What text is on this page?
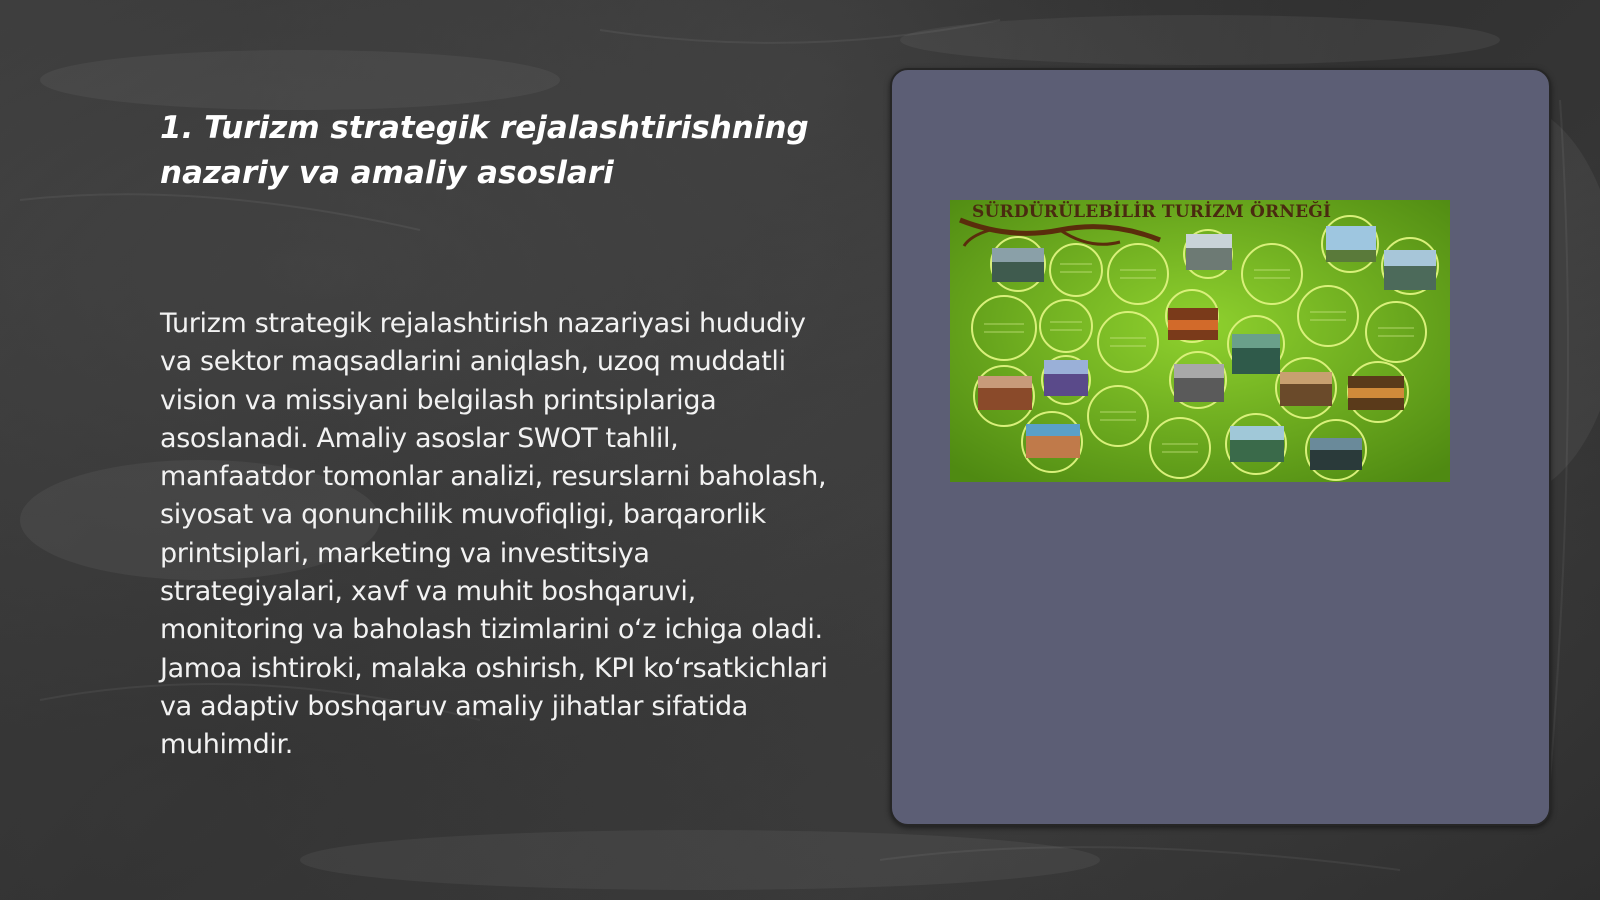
1. Turizm strategik rejalashtirishning nazariy va amaliy asoslari

Turizm strategik rejalashtirish nazariyasi hududiy va sektor maqsadlarini aniqlash, uzoq muddatli vision va missiyani belgilash printsiplariga asoslanadi. Amaliy asoslar SWOT tahlil, manfaatdor tomonlar analizi, resurslarni baholash, siyosat va qonunchilik muvofiqligi, barqarorlik printsiplari, marketing va investitsiya strategiyalari, xavf va muhit boshqaruvi, monitoring va baholash tizimlarini o‘z ichiga oladi. Jamoa ishtiroki, malaka oshirish, KPI ko‘rsatkichlari va adaptiv boshqaruv amaliy jihatlar sifatida muhimdir.

SÜRDÜRÜLEBİLİR TURİZM ÖRNEĞİ
